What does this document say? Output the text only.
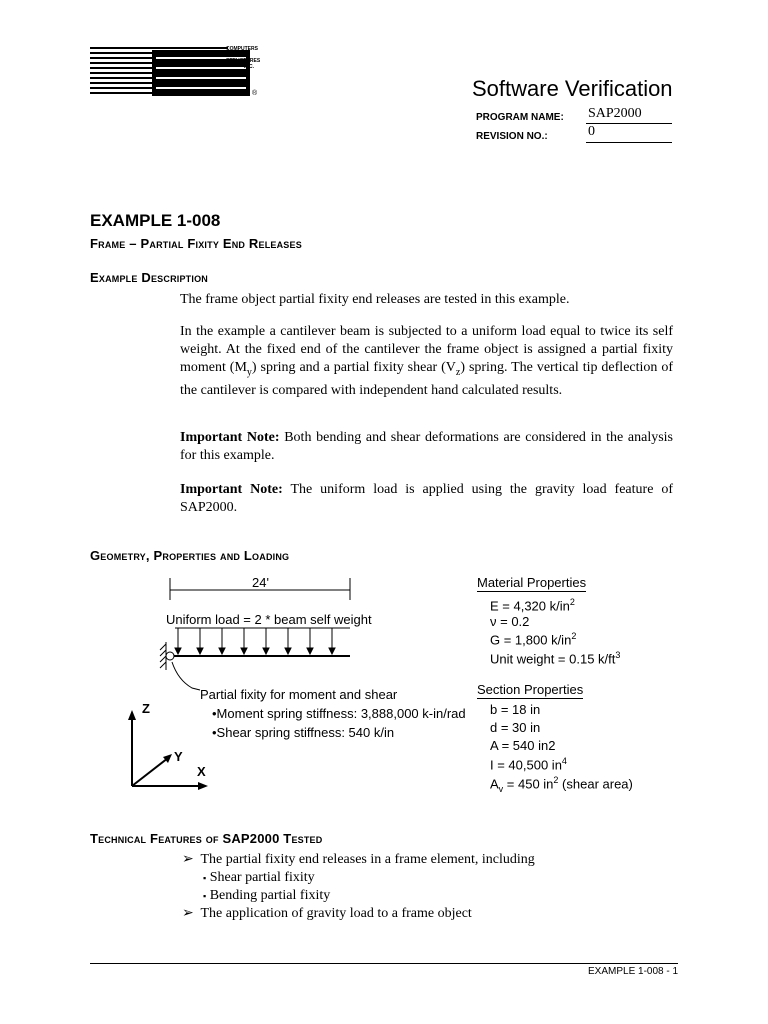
COMPUTERS &
STRUCTURES
INC.
®	Software Verification
PROGRAM NAME: SAP2000
REVISION NO.:	0
EXAMPLE 1-008
Frame – Partial Fixity End Releases
Example Description
The frame object partial fixity end releases are tested in this example.
In the example a cantilever beam is subjected to a uniform load equal to twice its self weight. At the fixed end of the cantilever the frame object is assigned a partial fixity moment $(M_y)$ spring and a partial fixity shear $(V_z)$ spring. The vertical tip deflection of the cantilever is compared with independent hand calculated results.
Important Note: Both bending and shear deformations are considered in the analysis for this example.
Important Note: The uniform load is applied using the gravity load feature of SAP2000.
Geometry, Properties and Loading
24'
Uniform load = 2 * beam self weight
Partial fixity for moment and shear
•Moment spring stiffness: 3,888,000 k-in/rad
•Shear spring stiffness: 540 k/in
Z
Y
X
Material Properties
E = 4,320 $k/in^2$
ν = 0.2
G = 1,800 $k/in^2$
Unit weight = 0.15 $k/ft^3$
Section Properties
b = 18 in
d = 30 in
A = 540 in2
I = 40,500 $in^4$
$A_v = 450$ $in^2$ (shear area)
Technical Features of SAP2000 Tested
➢  The partial fixity end releases in a frame element, including
▪ Shear partial fixity
▪ Bending partial fixity
➢  The application of gravity load to a frame object
EXAMPLE 1-008 - 1
